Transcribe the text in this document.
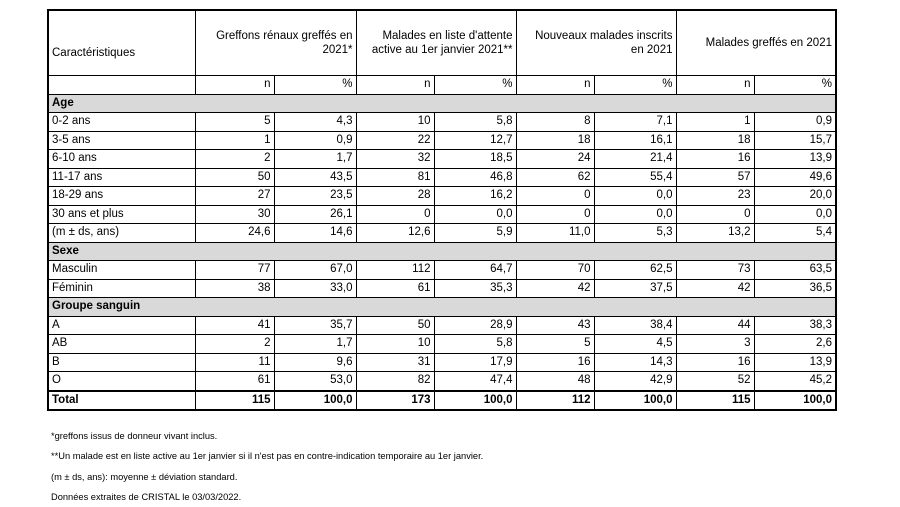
Caractéristiques	Greffons rénaux greffés en 2021*		Malades en liste d'attente active au 1er janvier 2021**		Nouveaux malades inscrits en 2021		Malades greffés en 2021	
	n	%	n	%	n	%	n	%
Age								
0-2 ans	5	4,3	10	5,8	8	7,1	1	0,9
3-5 ans	1	0,9	22	12,7	18	16,1	18	15,7
6-10 ans	2	1,7	32	18,5	24	21,4	16	13,9
11-17 ans	50	43,5	81	46,8	62	55,4	57	49,6
18-29 ans	27	23,5	28	16,2	0	0,0	23	20,0
30 ans et plus	30	26,1	0	0,0	0	0,0	0	0,0
(m ± ds, ans)	24,6	14,6	12,6	5,9	11,0	5,3	13,2	5,4
Sexe								
Masculin	77	67,0	112	64,7	70	62,5	73	63,5
Féminin	38	33,0	61	35,3	42	37,5	42	36,5
Groupe sanguin								
A	41	35,7	50	28,9	43	38,4	44	38,3
AB	2	1,7	10	5,8	5	4,5	3	2,6
B	11	9,6	31	17,9	16	14,3	16	13,9
O	61	53,0	82	47,4	48	42,9	52	45,2
Total	115	100,0	173	100,0	112	100,0	115	100,0
*greffons issus de donneur vivant inclus.
**Un malade est en liste active au 1er janvier si il n'est pas en contre-indication temporaire au 1er janvier.
(m ± ds, ans): moyenne ± déviation standard.
Données extraites de CRISTAL le 03/03/2022.
